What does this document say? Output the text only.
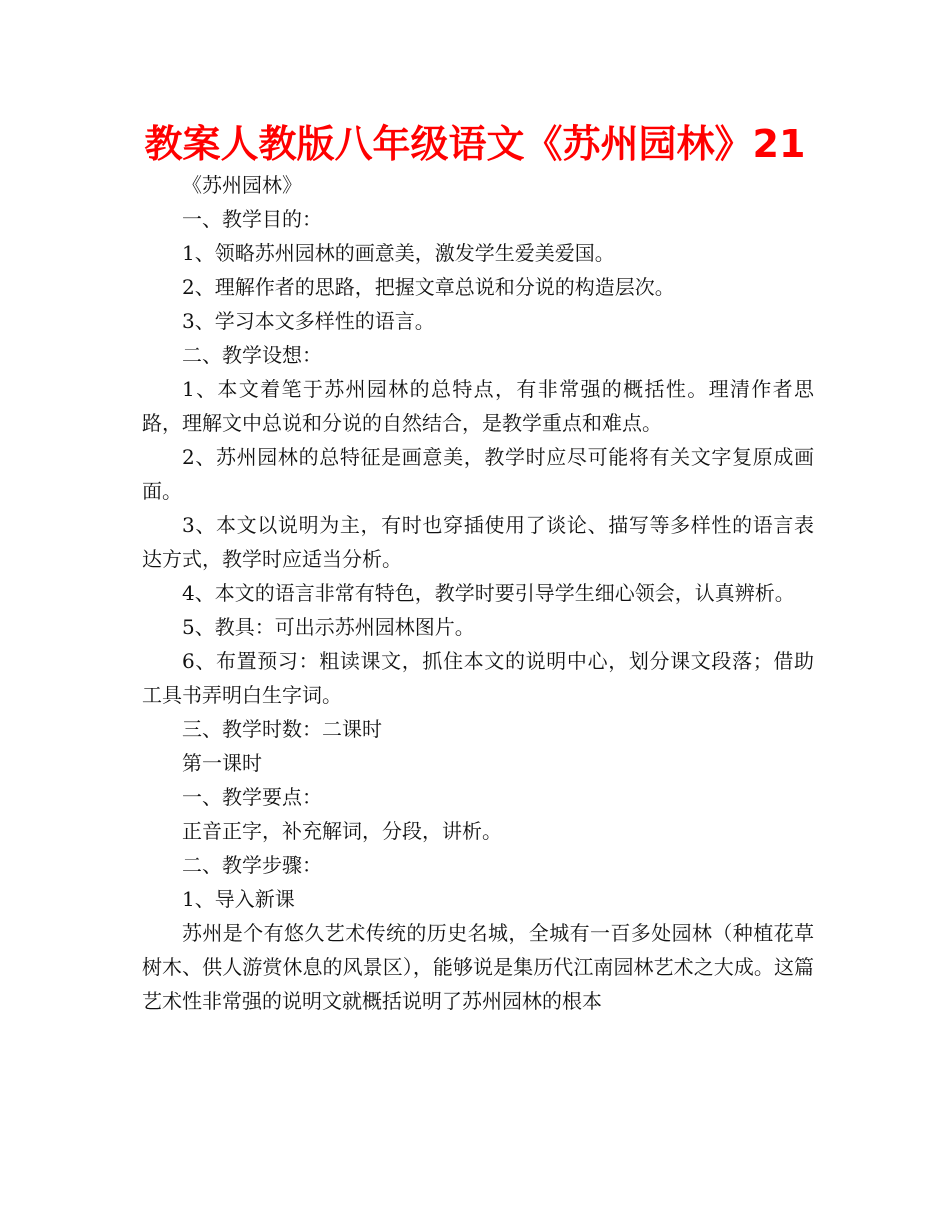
教案人教版八年级语文《苏州园林》21

《苏州园林》

一、教学目的：

1、领略苏州园林的画意美，激发学生爱美爱国。

2、理解作者的思路，把握文章总说和分说的构造层次。

3、学习本文多样性的语言。

二、教学设想：

1、本文着笔于苏州园林的总特点，有非常强的概括性。理清作者思路，理解文中总说和分说的自然结合，是教学重点和难点。

2、苏州园林的总特征是画意美，教学时应尽可能将有关文字复原成画面。

3、本文以说明为主，有时也穿插使用了谈论、描写等多样性的语言表达方式，教学时应适当分析。

4、本文的语言非常有特色，教学时要引导学生细心领会，认真辨析。

5、教具：可出示苏州园林图片。

6、布置预习：粗读课文，抓住本文的说明中心，划分课文段落；借助工具书弄明白生字词。

三、教学时数：二课时

第一课时

一、教学要点：

正音正字，补充解词，分段，讲析。

二、教学步骤：

1、导入新课

苏州是个有悠久艺术传统的历史名城，全城有一百多处园林（种植花草树木、供人游赏休息的风景区），能够说是集历代江南园林艺术之大成。这篇艺术性非常强的说明文就概括说明了苏州园林的根本
